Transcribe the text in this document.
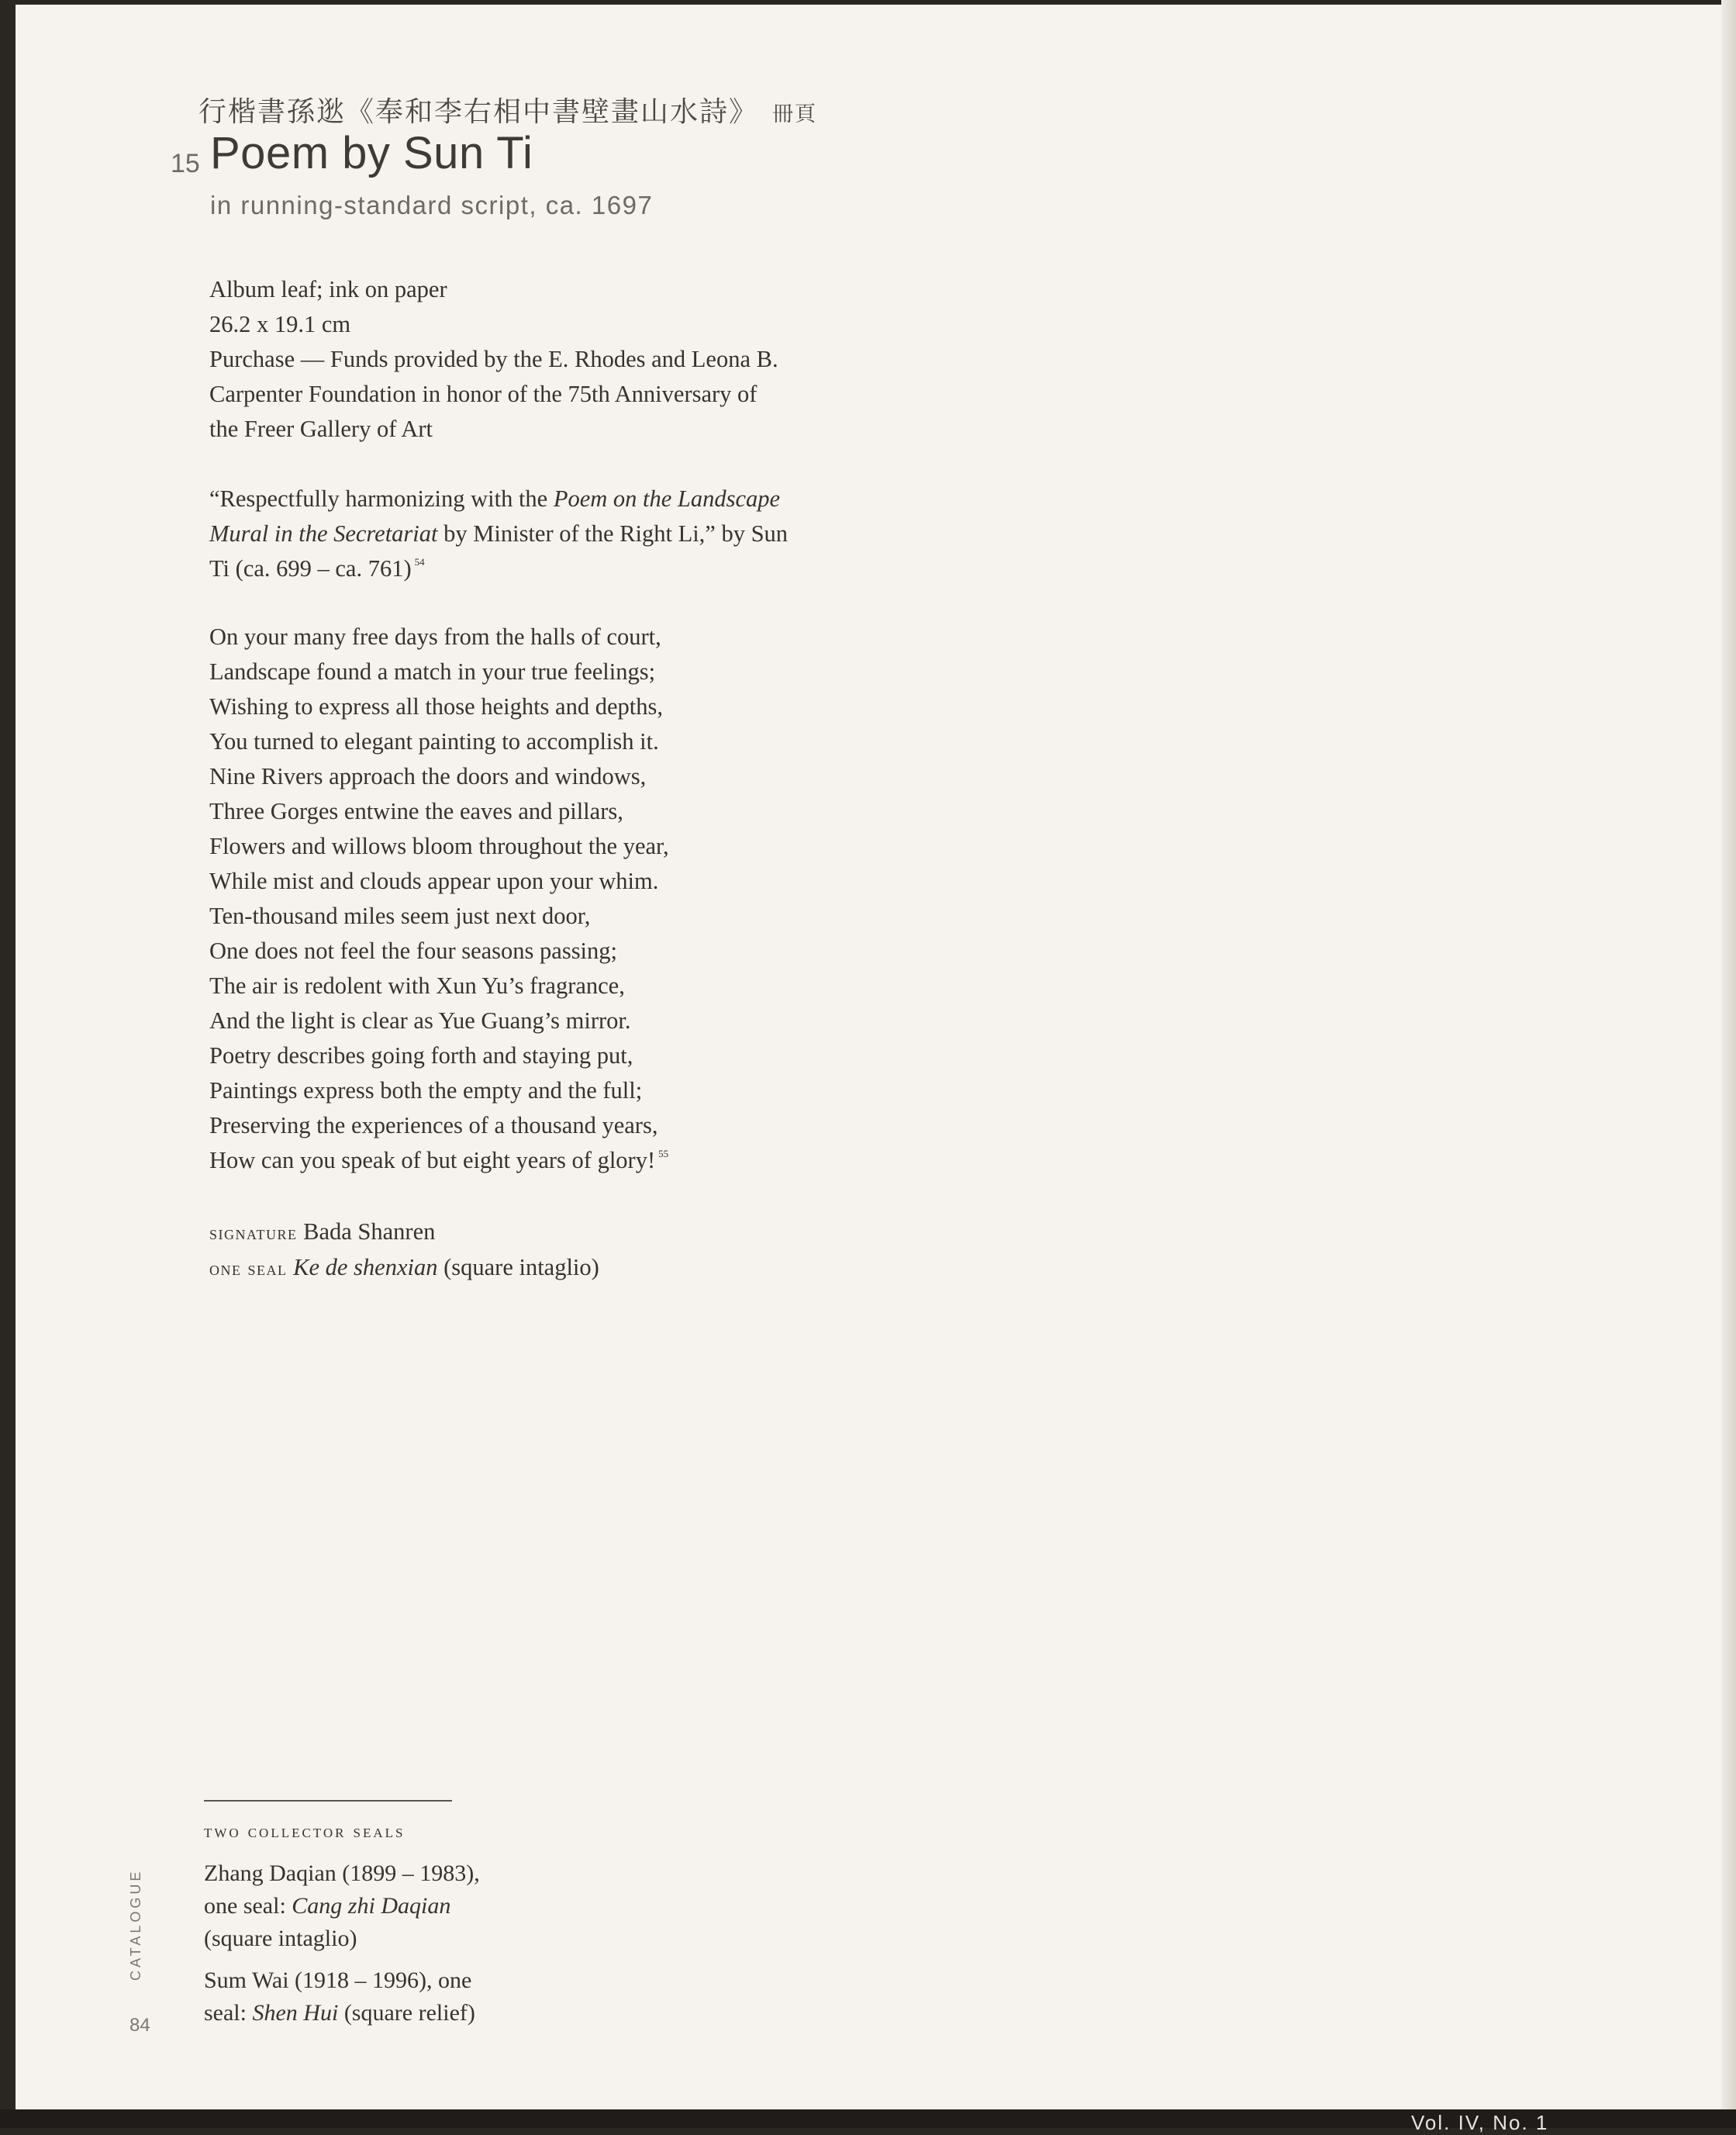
行楷書孫逖《奉和李右相中書壁畫山水詩》 冊頁
15 Poem by Sun Ti
in running-standard script, ca. 1697
Album leaf; ink on paper
26.2 x 19.1 cm
Purchase — Funds provided by the E. Rhodes and Leona B.
Carpenter Foundation in honor of the 75th Anniversary of
the Freer Gallery of Art
“Respectfully harmonizing with the Poem on the Landscape
Mural in the Secretariat by Minister of the Right Li,” by Sun
Ti (ca. 699 – ca. 761) $^{54}$
On your many free days from the halls of court,
Landscape found a match in your true feelings;
Wishing to express all those heights and depths,
You turned to elegant painting to accomplish it.
Nine Rivers approach the doors and windows,
Three Gorges entwine the eaves and pillars,
Flowers and willows bloom throughout the year,
While mist and clouds appear upon your whim.
Ten-thousand miles seem just next door,
One does not feel the four seasons passing;
The air is redolent with Xun Yu’s fragrance,
And the light is clear as Yue Guang’s mirror.
Poetry describes going forth and staying put,
Paintings express both the empty and the full;
Preserving the experiences of a thousand years,
How can you speak of but eight years of glory! $^{55}$
signature Bada Shanren
one seal Ke de shenxian (square intaglio)
two collector seals
Zhang Daqian (1899 – 1983),
one seal: Cang zhi Daqian
(square intaglio)
Sum Wai (1918 – 1996), one
seal: Shen Hui (square relief)
CATALOGUE
84
Vol. IV, No. 1
